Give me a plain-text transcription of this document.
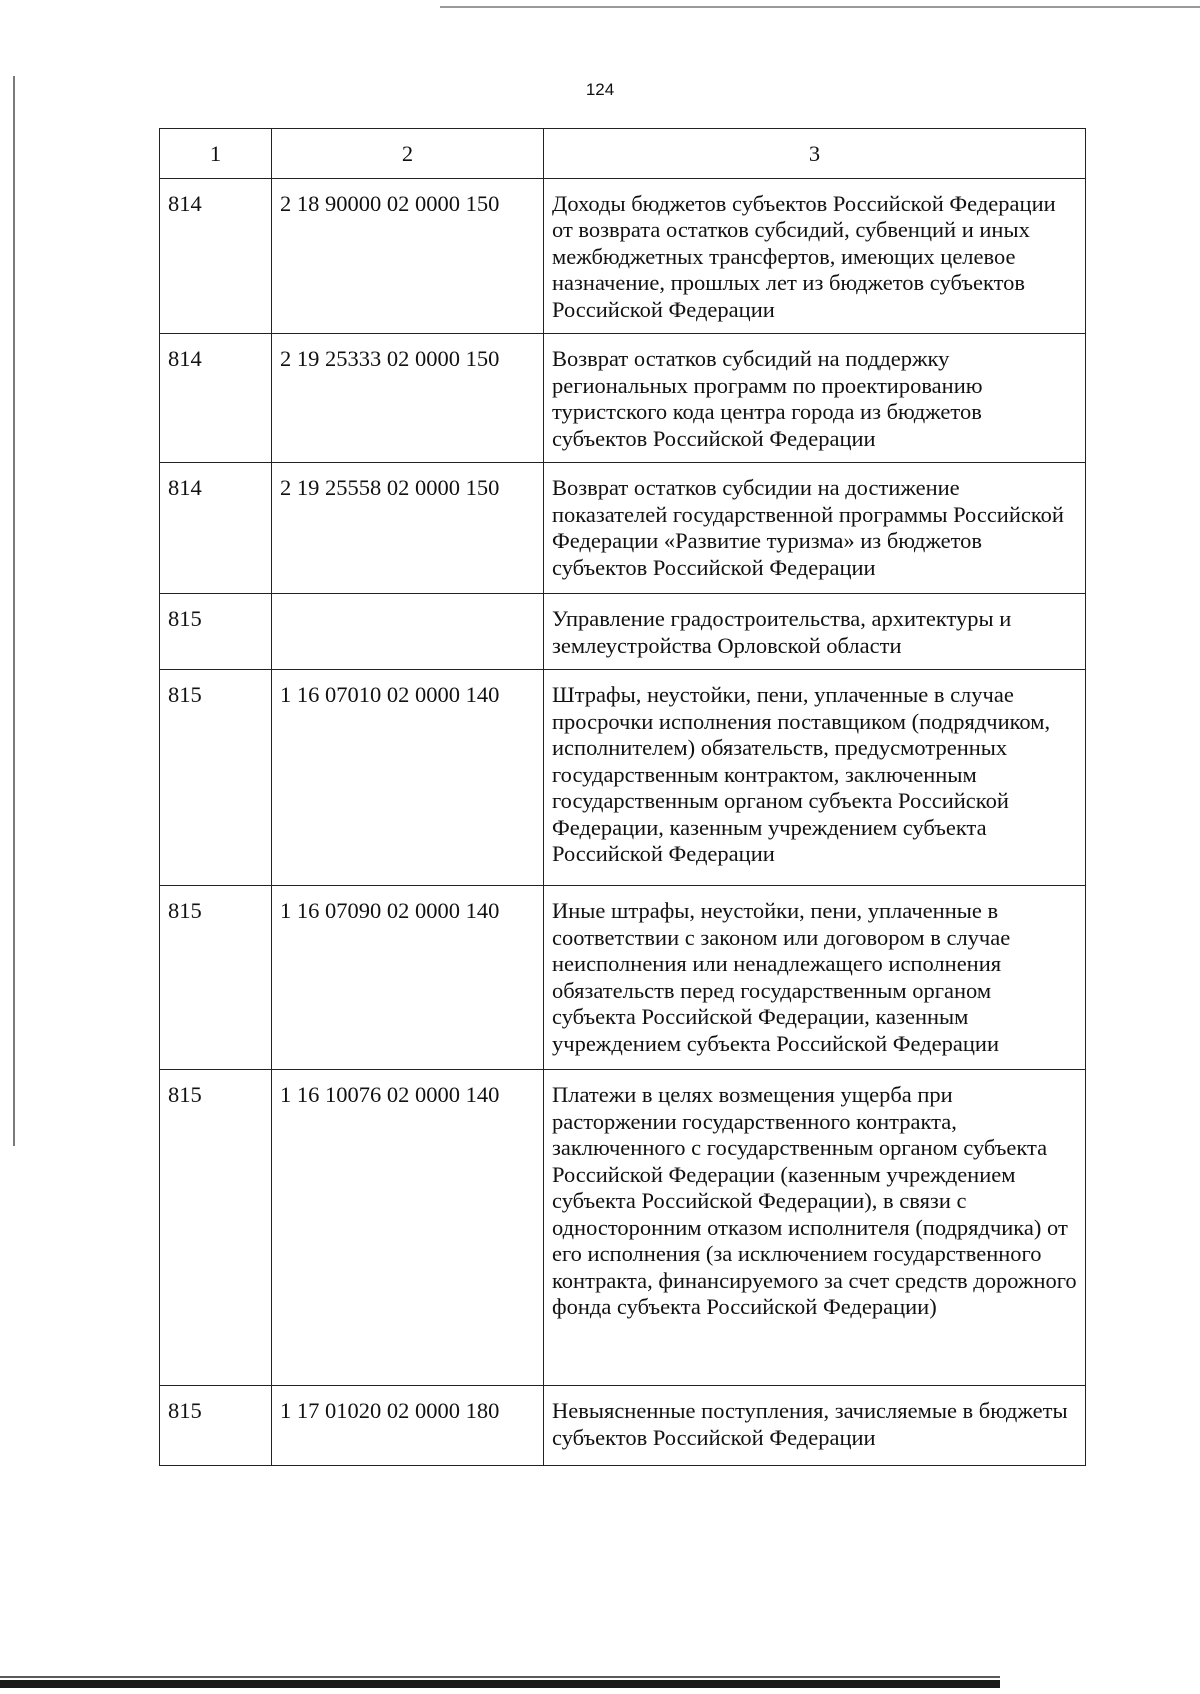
124
1	2	3
814	2 18 90000 02 0000 150	Доходы бюджетов субъектов Российской Федерации от возврата остатков субсидий, субвенций и иных межбюджетных трансфертов, имеющих целевое назначение, прошлых лет из бюджетов субъектов Российской Федерации
814	2 19 25333 02 0000 150	Возврат остатков субсидий на поддержку региональных программ по проектированию туристского кода центра города из бюджетов субъектов Российской Федерации
814	2 19 25558 02 0000 150	Возврат остатков субсидии на достижение показателей государственной программы Российской Федерации «Развитие туризма» из бюджетов субъектов Российской Федерации
815		Управление градостроительства, архитектуры и землеустройства Орловской области
815	1 16 07010 02 0000 140	Штрафы, неустойки, пени, уплаченные в случае просрочки исполнения поставщиком (подрядчиком, исполнителем) обязательств, предусмотренных государственным контрактом, заключенным государственным органом субъекта Российской Федерации, казенным учреждением субъекта Российской Федерации
815	1 16 07090 02 0000 140	Иные штрафы, неустойки, пени, уплаченные в соответствии с законом или договором в случае неисполнения или ненадлежащего исполнения обязательств перед государственным органом субъекта Российской Федерации, казенным учреждением субъекта Российской Федерации
815	1 16 10076 02 0000 140	Платежи в целях возмещения ущерба при расторжении государственного контракта, заключенного с государственным органом субъекта Российской Федерации (казенным учреждением субъекта Российской Федерации), в связи с односторонним отказом исполнителя (подрядчика) от его исполнения (за исключением государственного контракта, финансируемого за счет средств дорожного фонда субъекта Российской Федерации)
815	1 17 01020 02 0000 180	Невыясненные поступления, зачисляемые в бюджеты субъектов Российской Федерации
